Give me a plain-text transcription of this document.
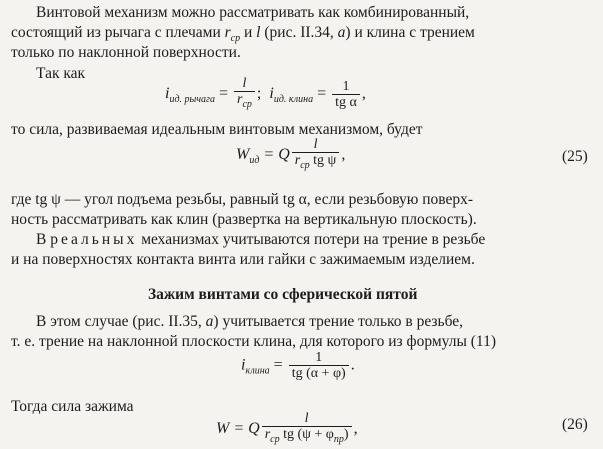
Винтовой механизм можно рассматривать как комбинированный,
состоящий из рычага с плечами $r_{ср}$ и l (рис. II.34, а) и клина с трением
только по наклонной поверхности.
Так как
$i_{ид. рычага} = \frac{l}{r_{ср}}$ ; $i_{ид. клина} = \frac{1}{\text{tg α}}$ ,
то сила, развиваемая идеальным винтовым механизмом, будет
$W_{ид} = Q \frac{l}{r_{ср} tg \psi}$ ,	(25)
где tg ψ — угол подъема резьбы, равный tg α, если резьбовую поверх-
ность рассматривать как клин (развертка на вертикальную плоскость).
В реальных механизмах учитываются потери на трение в резьбе
и на поверхностях контакта винта или гайки с зажимаемым изделием.
Зажим винтами со сферической пятой
В этом случае (рис. II.35, а) учитывается трение только в резьбе,
т. е. трение на наклонной плоскости клина, для которого из формулы (11)
$i_{клина} = \frac{1}{tg (\alpha + \varphi)}$ .
Тогда сила зажима
W = Q $\frac{l}{r_{ср} tg (\psi + \varphi_{пр})}$ ,	(26)
